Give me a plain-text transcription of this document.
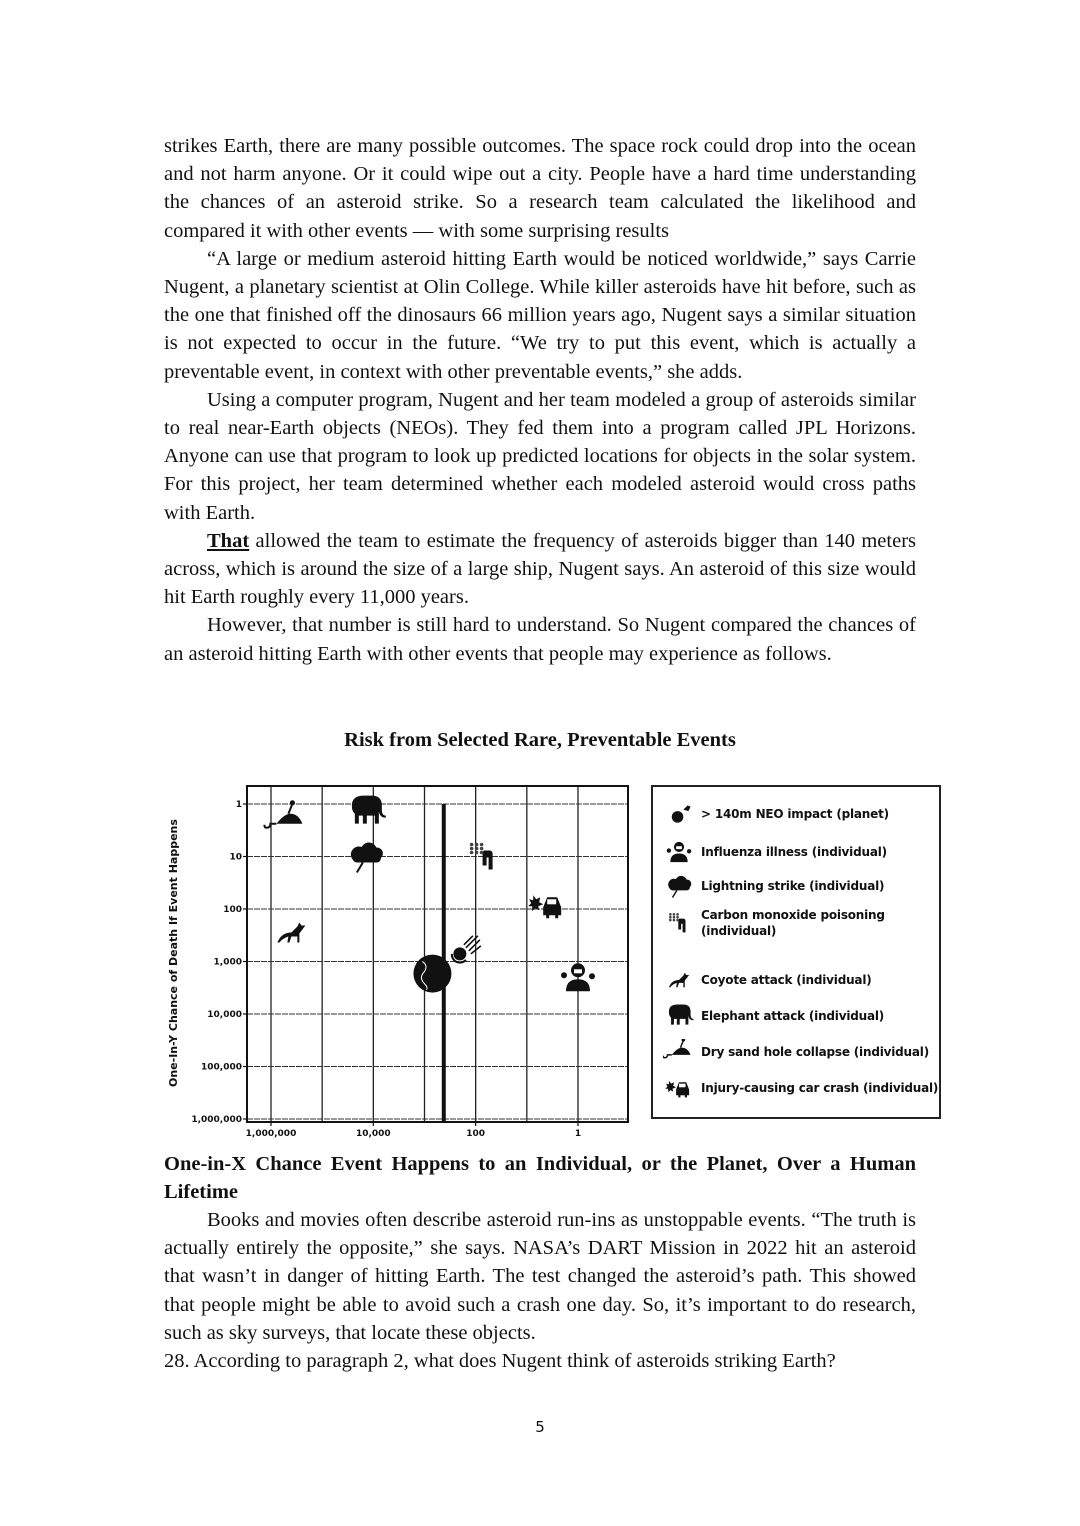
strikes Earth, there are many possible outcomes. The space rock could drop into the ocean and not harm anyone. Or it could wipe out a city. People have a hard time understanding the chances of an asteroid strike. So a research team calculated the likelihood and compared it with other events — with some surprising results

“A large or medium asteroid hitting Earth would be noticed worldwide,” says Carrie Nugent, a planetary scientist at Olin College. While killer asteroids have hit before, such as the one that finished off the dinosaurs 66 million years ago, Nugent says a similar situation is not expected to occur in the future. “We try to put this event, which is actually a preventable event, in context with other preventable events,” she adds.

Using a computer program, Nugent and her team modeled a group of asteroids similar to real near-Earth objects (NEOs). They fed them into a program called JPL Horizons. Anyone can use that program to look up predicted locations for objects in the solar system. For this project, her team determined whether each modeled asteroid would cross paths with Earth.

That allowed the team to estimate the frequency of asteroids bigger than 140 meters across, which is around the size of a large ship, Nugent says. An asteroid of this size would hit Earth roughly every 11,000 years.

However, that number is still hard to understand. So Nugent compared the chances of an asteroid hitting Earth with other events that people may experience as follows.

Risk from Selected Rare, Preventable Events
1
10
100
1,000
10,000
100,000
1,000,000
1,000,000	10,000	100	1
One-In-Y Chance of Death If Event Happens
> 140m NEO impact (planet)
Influenza illness (individual)
Lightning strike (individual)
Carbon monoxide poisoning
(individual)
Coyote attack (individual)
Elephant attack (individual)
Dry sand hole collapse (individual)
Injury-causing car crash (individual)
One-in-X Chance Event Happens to an Individual, or the Planet, Over a Human Lifetime

Books and movies often describe asteroid run-ins as unstoppable events. “The truth is actually entirely the opposite,” she says. NASA’s DART Mission in 2022 hit an asteroid that wasn’t in danger of hitting Earth. The test changed the asteroid’s path. This showed that people might be able to avoid such a crash one day. So, it’s important to do research, such as sky surveys, that locate these objects.

28. According to paragraph 2, what does Nugent think of asteroids striking Earth?
5
